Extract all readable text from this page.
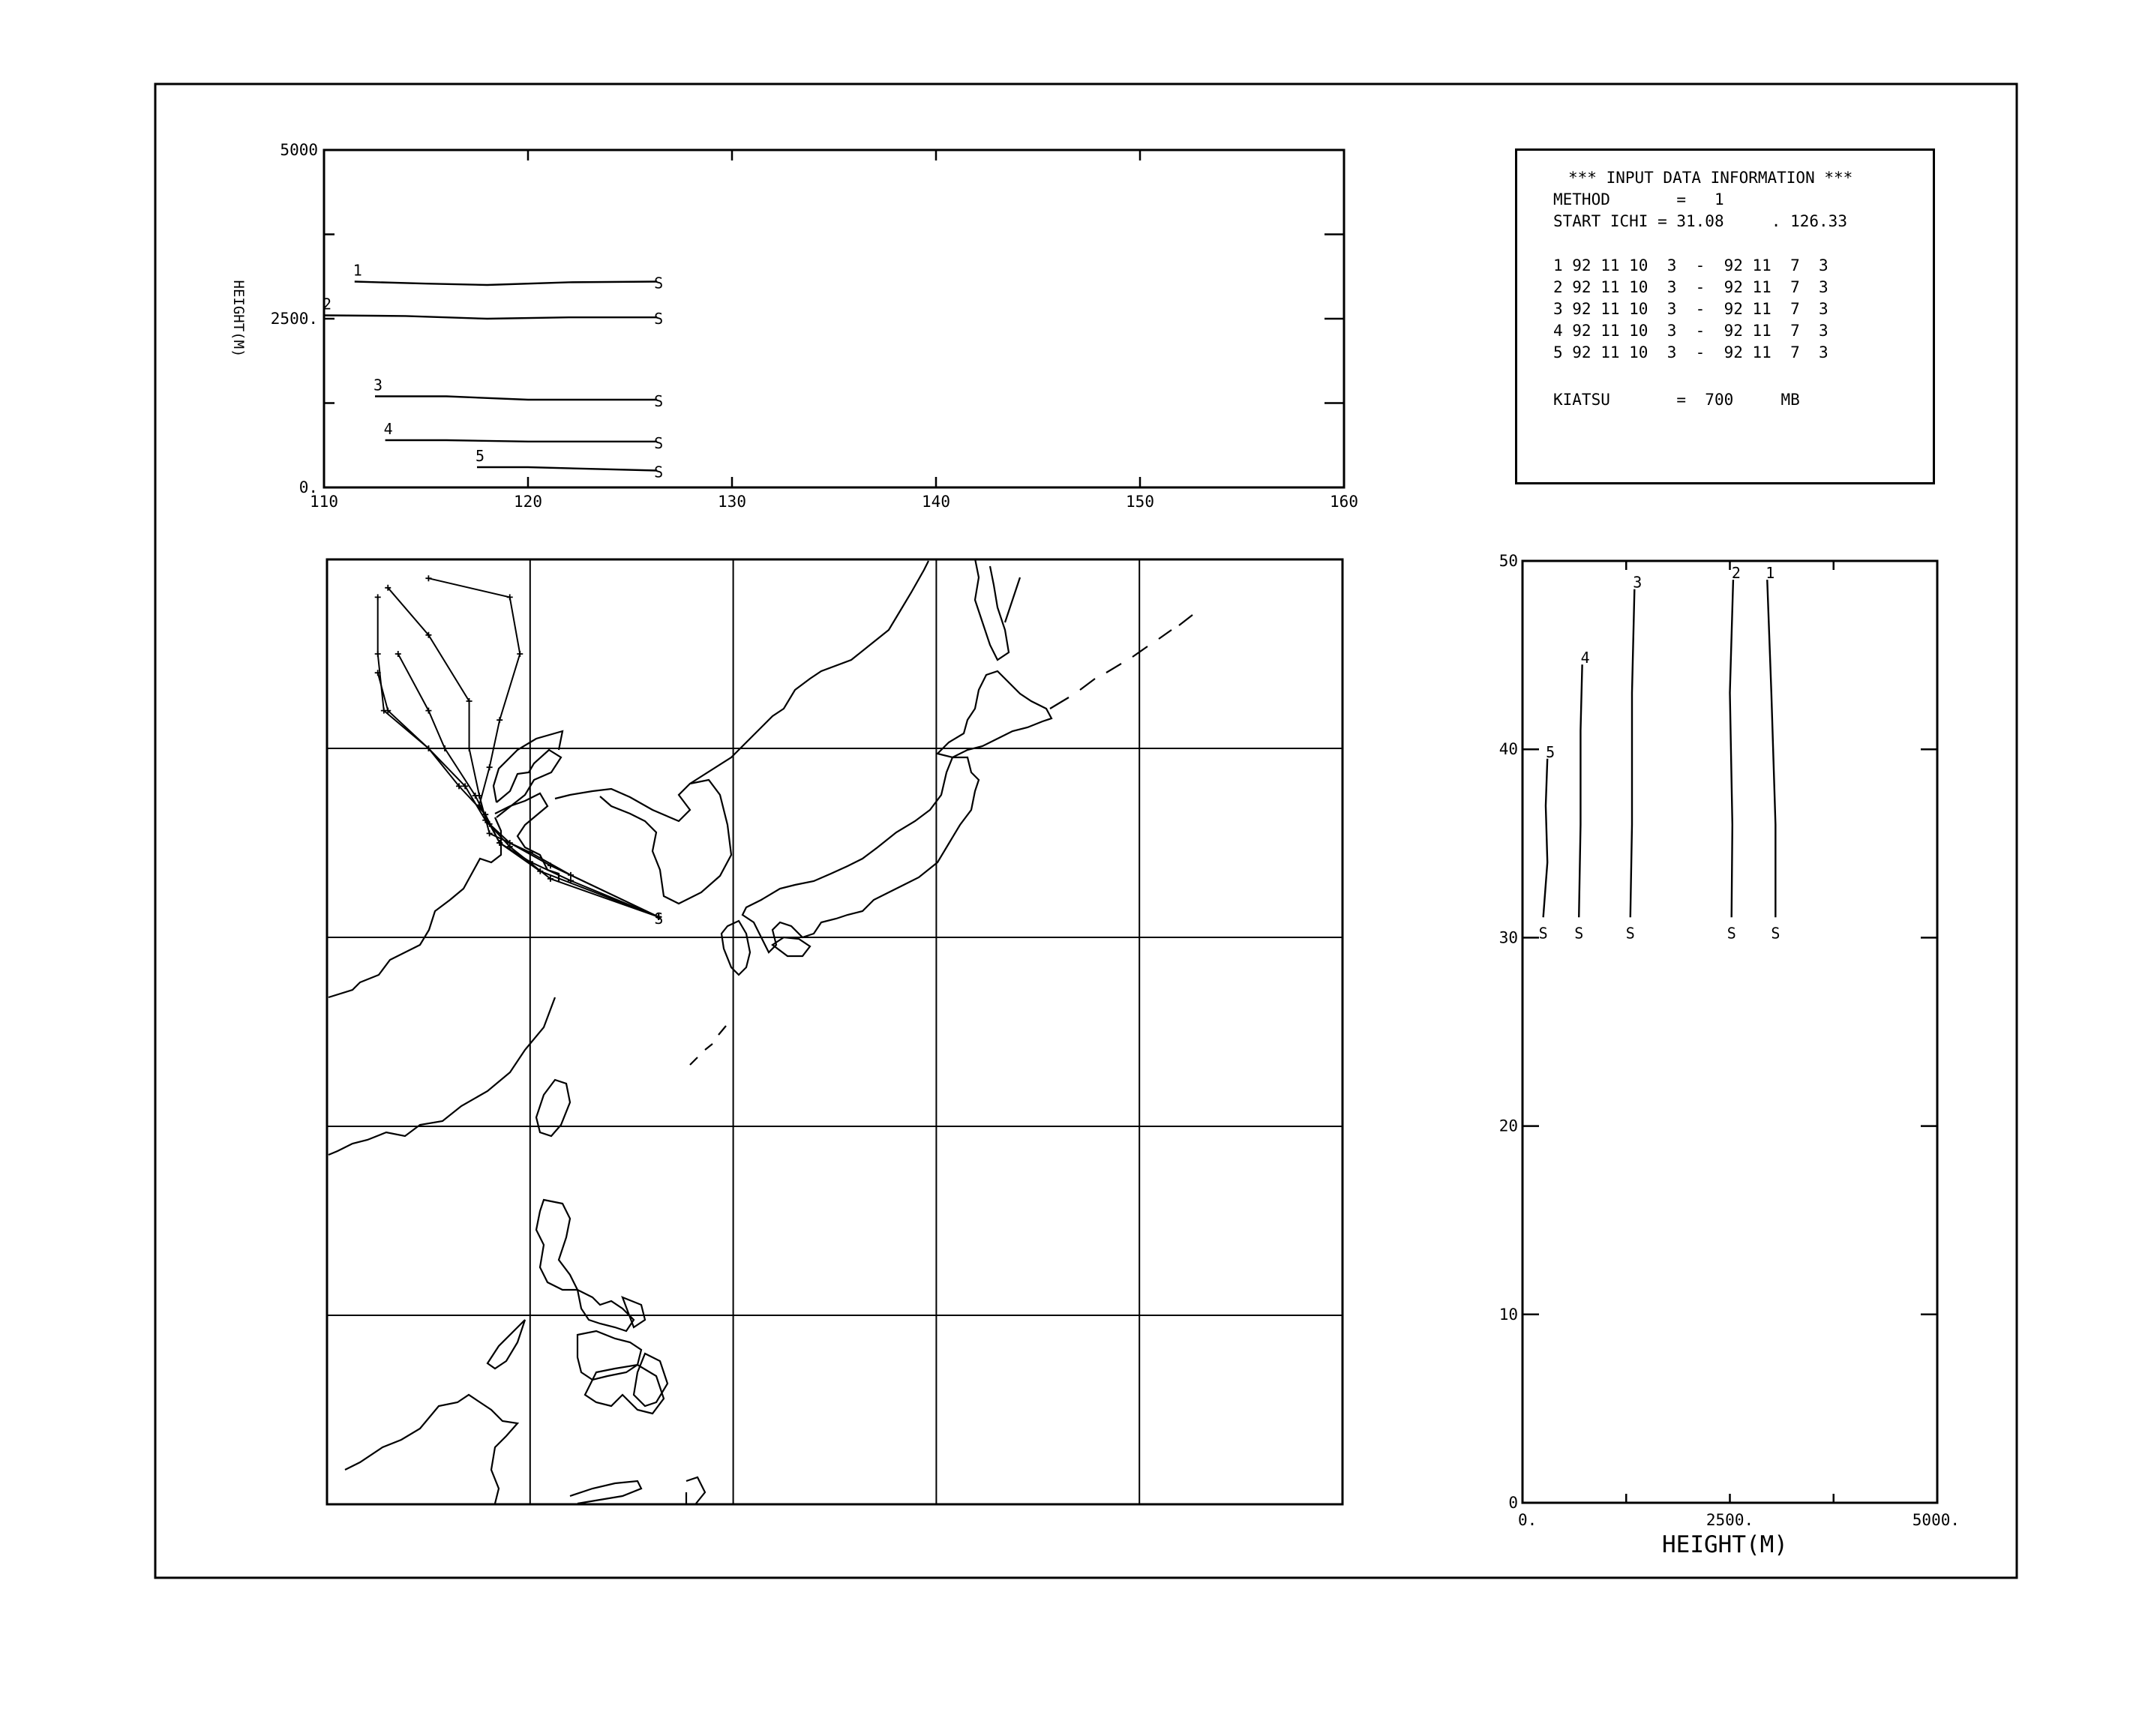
110	120	130	140	150	160
0.
2500.
5000
1
S
2
S
3
S
4
S
5
S
HEIGHT(M)
S
0
10
20
30
40
50
0.	2500.	5000.
1
S
2
S
3
S
4
S
5
S
HEIGHT(M)
*** INPUT DATA INFORMATION ***
METHOD       =   1
START ICHI = 31.08     . 126.33
1 92 11 10  3  -  92 11  7  3
2 92 11 10  3  -  92 11  7  3
3 92 11 10  3  -  92 11  7  3
4 92 11 10  3  -  92 11  7  3
5 92 11 10  3  -  92 11  7  3
KIATSU       =  700	MB
